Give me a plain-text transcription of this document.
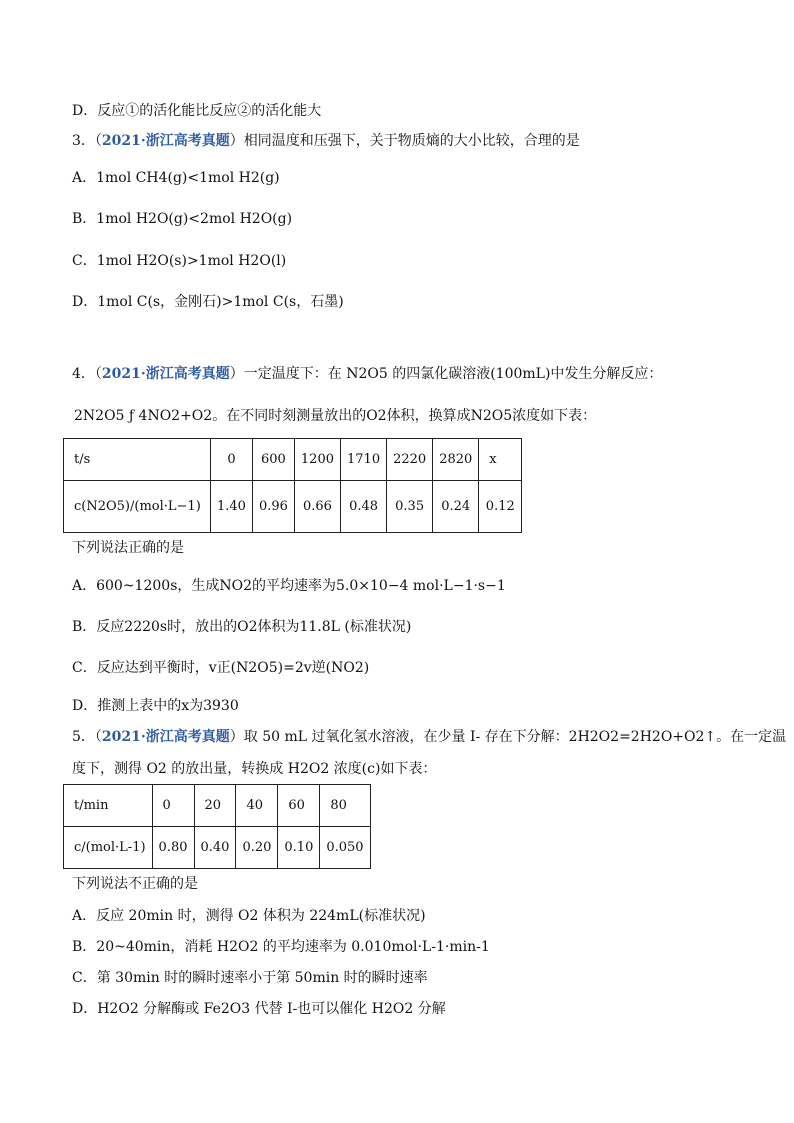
D．反应①的活化能比反应②的活化能大
3．（2021·浙江高考真题）相同温度和压强下，关于物质熵的大小比较，合理的是
A．1mol CH4(g)<1mol H2(g)
B．1mol H2O(g)<2mol H2O(g)
C．1mol H2O(s)>1mol H2O(l)
D．1mol C(s，金刚石)>1mol C(s，石墨)
4．（2021·浙江高考真题）一定温度下：在 N2O5 的四氯化碳溶液(100mL)中发生分解反应：
2N2O5 ƒ 4NO2+O2。在不同时刻测量放出的O2体积，换算成N2O5浓度如下表：
t/s	0	600	1200	1710	2220	2820	x
c(N2O5)/(mol·L−1)	1.40	0.96	0.66	0.48	0.35	0.24	0.12
下列说法正确的是
A．600~1200s，生成NO2的平均速率为5.0×10−4 mol·L−1·s−1
B．反应2220s时，放出的O2体积为11.8L (标准状况)
C．反应达到平衡时，v正(N2O5)=2v逆(NO2)
D．推测上表中的x为3930
5．（2021·浙江高考真题）取 50 mL 过氧化氢水溶液，在少量 I- 存在下分解：2H2O2=2H2O+O2↑。在一定温
度下，测得 O2 的放出量，转换成 H2O2 浓度(c)如下表：
t/min	0	20	40	60	80
c/(mol·L-1)	0.80	0.40	0.20	0.10	0.050
下列说法不正确的是
A．反应 20min 时，测得 O2 体积为 224mL(标准状况)
B．20~40min，消耗 H2O2 的平均速率为 0.010mol·L-1·min-1
C．第 30min 时的瞬时速率小于第 50min 时的瞬时速率
D．H2O2 分解酶或 Fe2O3 代替 I-也可以催化 H2O2 分解
